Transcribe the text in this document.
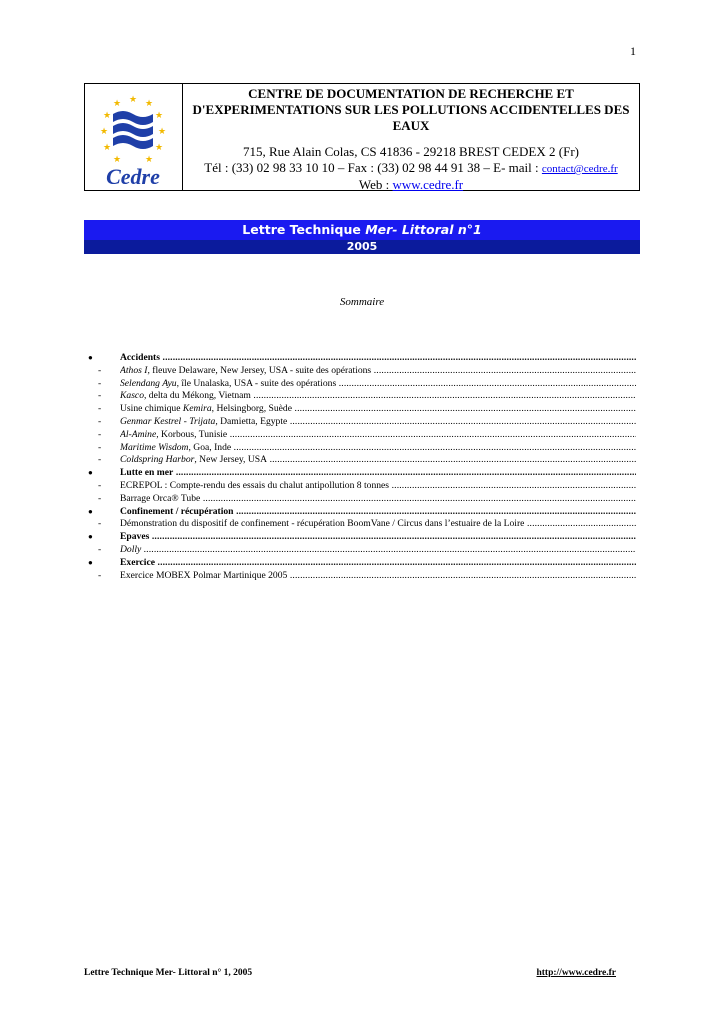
1
★ ★
★
★
★
★
★
★
★
★
★
Cedre
CENTRE DE DOCUMENTATION DE RECHERCHE ET
D'EXPERIMENTATIONS SUR LES POLLUTIONS ACCIDENTELLES DES
EAUX
715, Rue Alain Colas, CS 41836 - 29218 BREST CEDEX 2 (Fr)
Tél : (33) 02 98 33 10 10 – Fax : (33) 02 98 44 91 38 – E- mail : contact@cedre.fr
Web : www.cedre.fr
Lettre Technique Mer- Littoral n°1
2005
Sommaire
●	Accidents .....
- Athos I, fleuve Delaware, New Jersey, USA - suite des opérations .....
- Selendang Ayu, île Unalaska, USA - suite des opérations .....
- Kasco, delta du Mékong, Vietnam .....
- Usine chimique Kemira, Helsingborg, Suède .....
- Genmar Kestrel - Trijata, Damietta, Egypte .....
- Al-Amine, Korbous, Tunisie .....
- Maritime Wisdom, Goa, Inde .....
- Coldspring Harbor, New Jersey, USA .....
●	Lutte en mer .....
- ECREPOL : Compte-rendu des essais du chalut antipollution 8 tonnes .....
- Barrage Orca® Tube .....
●	Confinement / récupération .....
- Démonstration du dispositif de confinement - récupération BoomVane / Circus dans l’estuaire de la Loire .....
●	Epaves .....
- Dolly .....
●	Exercice .....
- Exercice MOBEX Polmar Martinique 2005 .....
Lettre Technique Mer- Littoral n° 1, 2005	http://www.cedre.fr
